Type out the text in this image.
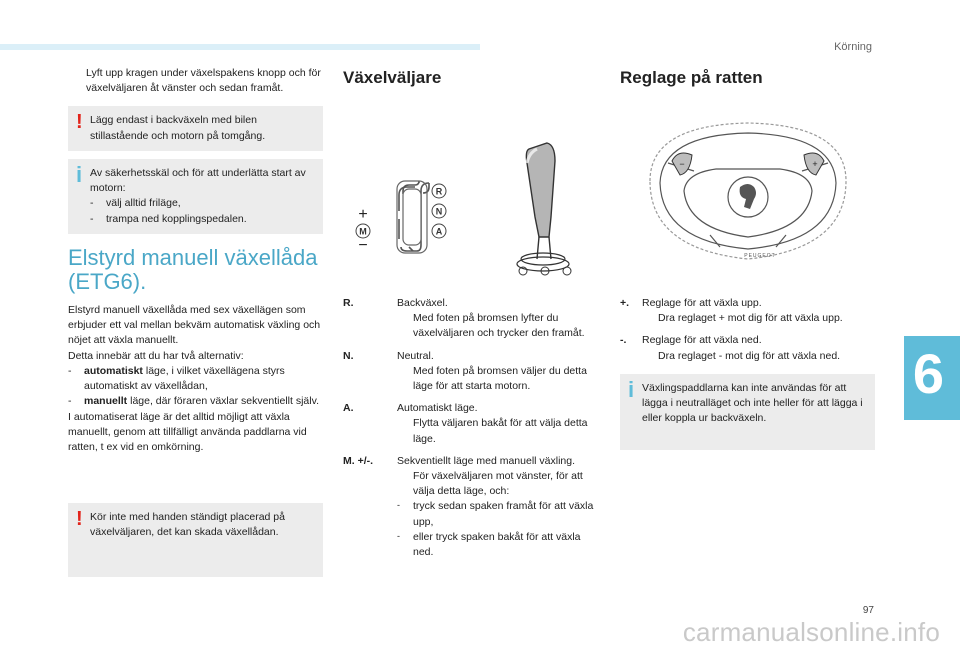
Körning
6
97
carmanualsonline.info
Lyft upp kragen under växelspakens knopp och för växelväljaren åt vänster och sedan framåt.
! Lägg endast i backväxeln med bilen stillastående och motorn på tomgång.
i Av säkerhetsskäl och för att underlätta start av motorn:
-	välj alltid friläge,
-	trampa ned kopplingspedalen.
Elstyrd manuell växellåda (ETG6).
Elstyrd manuell växellåda med sex växellägen som erbjuder ett val mellan bekväm automatisk växling och nöjet att växla manuellt.
Detta innebär att du har två alternativ:
-	automatiskt läge, i vilket växellägena styrs automatiskt av växellådan,
-	manuellt läge, där föraren växlar sekventiellt själv.
I automatiserat läge är det alltid möjligt att växla manuellt, genom att tillfälligt använda paddlarna vid ratten, t ex vid en omkörning.
! Kör inte med handen ständigt placerad på växelväljaren, det kan skada växellådan.
Växelväljare
R
N
A
M
+
−
R.	Backväxel.
Med foten på bromsen lyfter du växelväljaren och trycker den framåt.
N.	Neutral.
Med foten på bromsen väljer du detta läge för att starta motorn.
A.	Automatiskt läge.
Flytta väljaren bakåt för att välja detta läge.
M. +/-.	Sekventiellt läge med manuell växling.
För växelväljaren mot vänster, för att välja detta läge, och:
-	tryck sedan spaken framåt för att växla upp,
-	eller tryck spaken bakåt för att växla ned.
Reglage på ratten
+
−
PEUGEOT
+.	Reglage för att växla upp.
Dra reglaget + mot dig för att växla upp.
-.	Reglage för att växla ned.
Dra reglaget - mot dig för att växla ned.
i Växlingspaddlarna kan inte användas för att lägga i neutralläget och inte heller för att lägga i eller koppla ur backväxeln.
